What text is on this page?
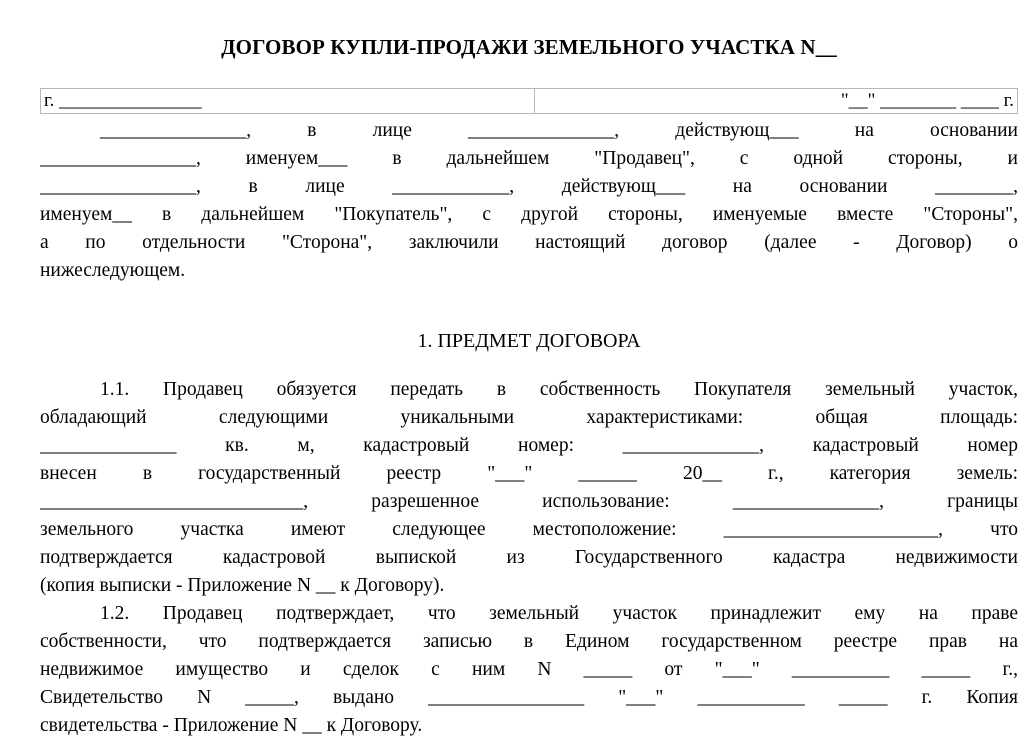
ДОГОВОР КУПЛИ-ПРОДАЖИ ЗЕМЕЛЬНОГО УЧАСТКА N__
г. _______________	"__" ________ ____ г.
_______________, в лице _______________, действующ___ на основании
________________, именуем___ в дальнейшем "Продавец", с одной стороны, и
________________, в лице ____________, действующ___ на основании ________,
именуем__ в дальнейшем "Покупатель", с другой стороны, именуемые вместе "Стороны",
а по отдельности "Сторона", заключили настоящий договор (далее - Договор) о
нижеследующем.
1. ПРЕДМЕТ ДОГОВОРА
1.1. Продавец обязуется передать в собственность Покупателя земельный участок,
обладающий следующими уникальными характеристиками: общая площадь:
______________ кв. м, кадастровый номер: ______________, кадастровый номер
внесен в государственный реестр "___" ______ 20__ г., категория земель:
___________________________, разрешенное использование: _______________, границы
земельного участка имеют следующее местоположение: ______________________, что
подтверждается кадастровой выпиской из Государственного кадастра недвижимости
(копия выписки - Приложение N __ к Договору).
1.2. Продавец подтверждает, что земельный участок принадлежит ему на праве
собственности, что подтверждается записью в Едином государственном реестре прав на
недвижимое имущество и сделок с ним N _____ от "___" __________ _____ г.,
Свидетельство N _____, выдано ________________ "___" ___________ _____ г. Копия
свидетельства - Приложение N __ к Договору.
